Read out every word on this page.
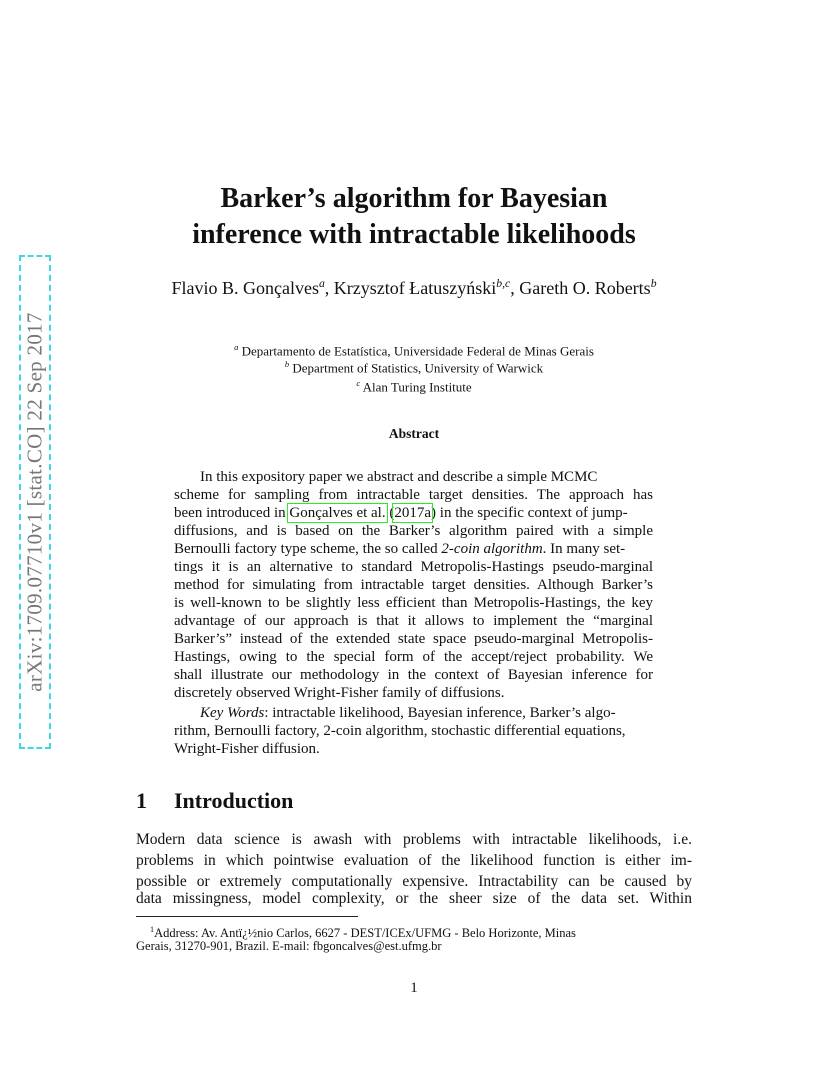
arXiv:1709.07710v1 [stat.CO] 22 Sep 2017
Barker’s algorithm for Bayesian
inference with intractable likelihoods
Flavio B. Gonçalves$^a$, Krzysztof Łatuszyński$^{b,c}$, Gareth O. Roberts$^b$
$^a$ Departamento de Estatística, Universidade Federal de Minas Gerais
$^b$ Department of Statistics, University of Warwick
$^c$ Alan Turing Institute
Abstract
In this expository paper we abstract and describe a simple MCMC
scheme for sampling from intractable target densities. The approach has
been introduced in Gonçalves et al. (2017a) in the specific context of jump-
diffusions, and is based on the Barker’s algorithm paired with a simple
Bernoulli factory type scheme, the so called 2-coin algorithm. In many set-
tings it is an alternative to standard Metropolis-Hastings pseudo-marginal
method for simulating from intractable target densities. Although Barker’s
is well-known to be slightly less efficient than Metropolis-Hastings, the key
advantage of our approach is that it allows to implement the “marginal
Barker’s” instead of the extended state space pseudo-marginal Metropolis-
Hastings, owing to the special form of the accept/reject probability. We
shall illustrate our methodology in the context of Bayesian inference for
discretely observed Wright-Fisher family of diffusions.
Key Words: intractable likelihood, Bayesian inference, Barker’s algo-
rithm, Bernoulli factory, 2-coin algorithm, stochastic differential equations,
Wright-Fisher diffusion.
1 Introduction
Modern data science is awash with problems with intractable likelihoods, i.e.
problems in which pointwise evaluation of the likelihood function is either im-
possible or extremely computationally expensive. Intractability can be caused by
data missingness, model complexity, or the sheer size of the data set. Within
$^1$Address: Av. Antï¿½nio Carlos, 6627 - DEST/ICEx/UFMG - Belo Horizonte, Minas
Gerais, 31270-901, Brazil. E-mail: fbgoncalves@est.ufmg.br
1
